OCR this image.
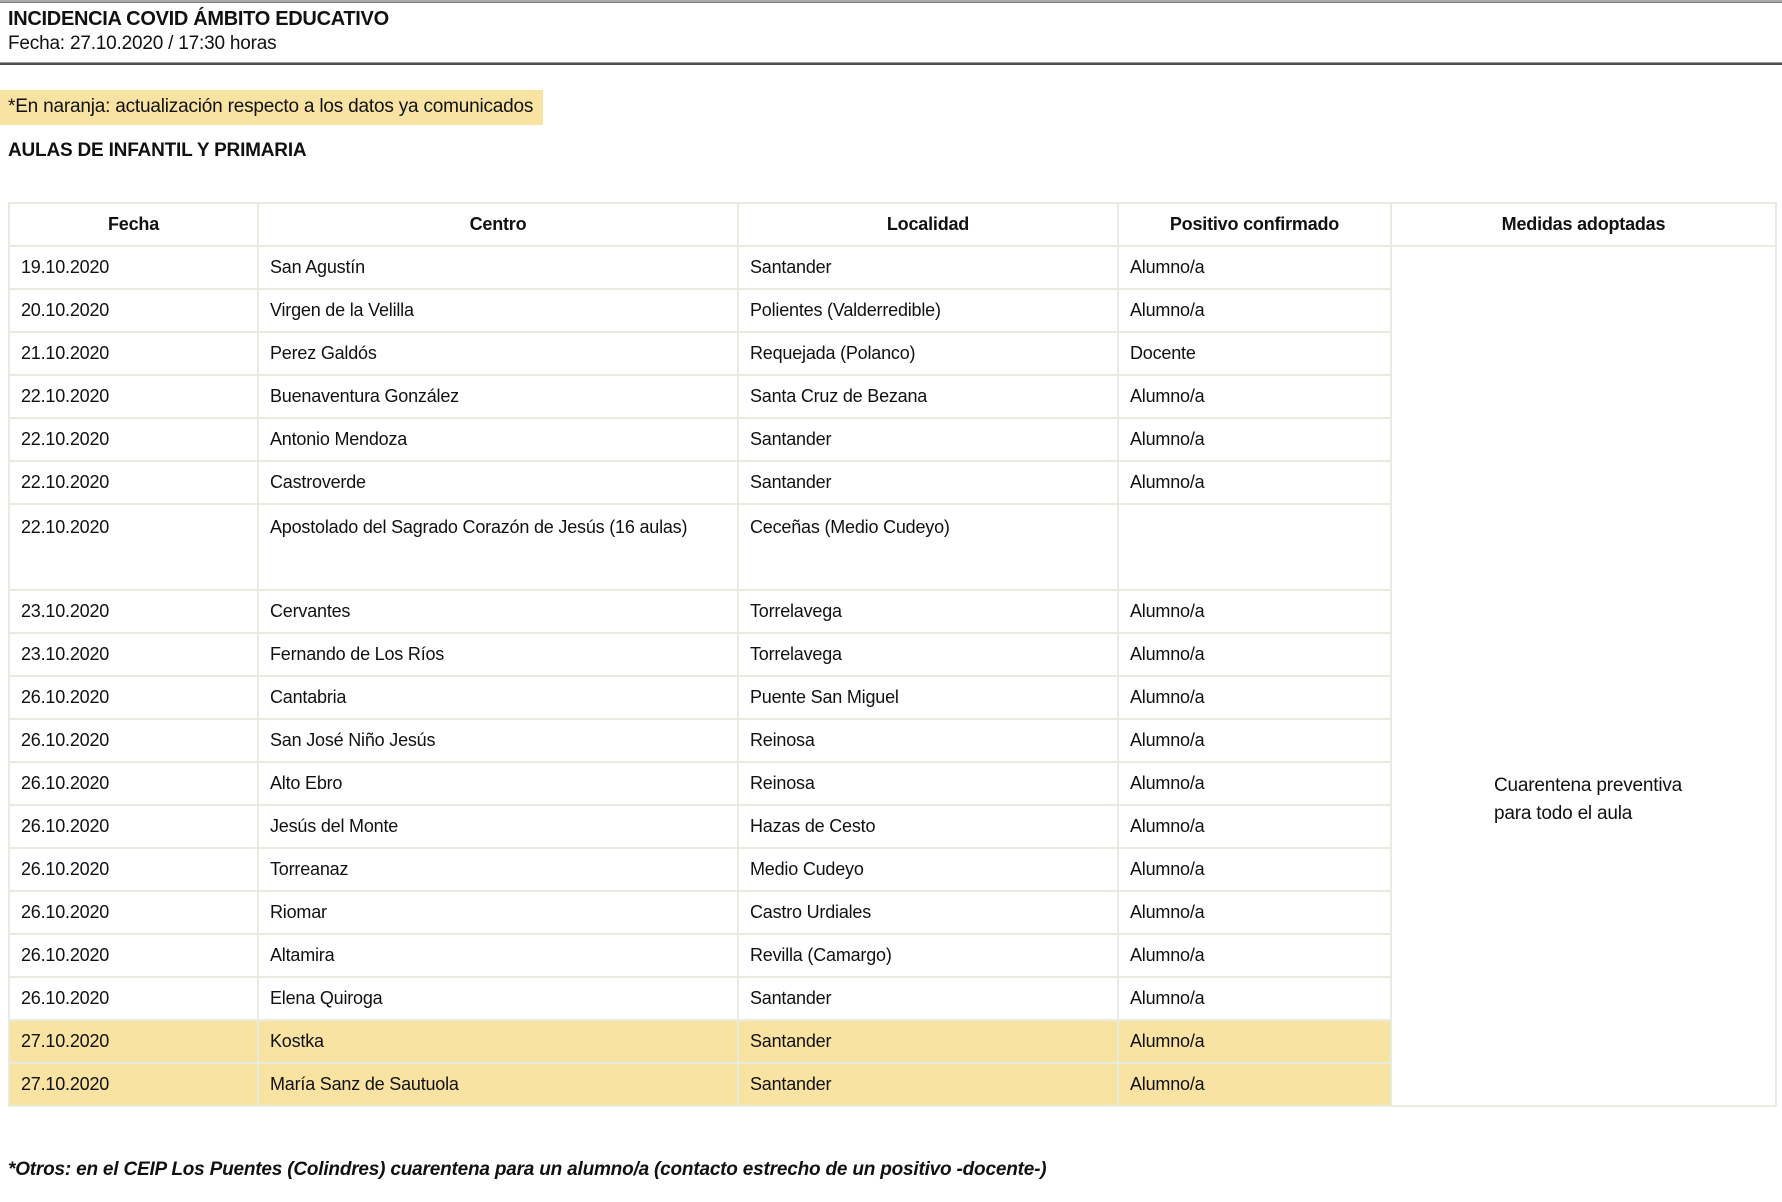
INCIDENCIA COVID ÁMBITO EDUCATIVO
Fecha: 27.10.2020 / 17:30 horas
*En naranja: actualización respecto a los datos ya comunicados
AULAS DE INFANTIL Y PRIMARIA
Fecha	Centro	Localidad	Positivo confirmado	Medidas adoptadas
19.10.2020	San Agustín	Santander	Alumno/a	Cuarentena preventiva para todo el aula

20.10.2020	Virgen de la Velilla	Polientes (Valderredible)	Alumno/a	
21.10.2020	Perez Galdós	Requejada (Polanco)	Docente	
22.10.2020	Buenaventura González	Santa Cruz de Bezana	Alumno/a	
22.10.2020	Antonio Mendoza	Santander	Alumno/a	
22.10.2020	Castroverde	Santander	Alumno/a	
22.10.2020	Apostolado del Sagrado Corazón de Jesús (16 aulas)	Ceceñas (Medio Cudeyo)		
23.10.2020	Cervantes	Torrelavega	Alumno/a	
23.10.2020	Fernando de Los Ríos	Torrelavega	Alumno/a	
26.10.2020	Cantabria	Puente San Miguel	Alumno/a	
26.10.2020	San José Niño Jesús	Reinosa	Alumno/a	
26.10.2020	Alto Ebro	Reinosa	Alumno/a	
26.10.2020	Jesús del Monte	Hazas de Cesto	Alumno/a	
26.10.2020	Torreanaz	Medio Cudeyo	Alumno/a	
26.10.2020	Riomar	Castro Urdiales	Alumno/a	
26.10.2020	Altamira	Revilla (Camargo)	Alumno/a	
26.10.2020	Elena Quiroga	Santander	Alumno/a	
27.10.2020	Kostka	Santander	Alumno/a	
27.10.2020	María Sanz de Sautuola	Santander	Alumno/a	
*Otros: en el CEIP Los Puentes (Colindres) cuarentena para un alumno/a (contacto estrecho de un positivo -docente-)
